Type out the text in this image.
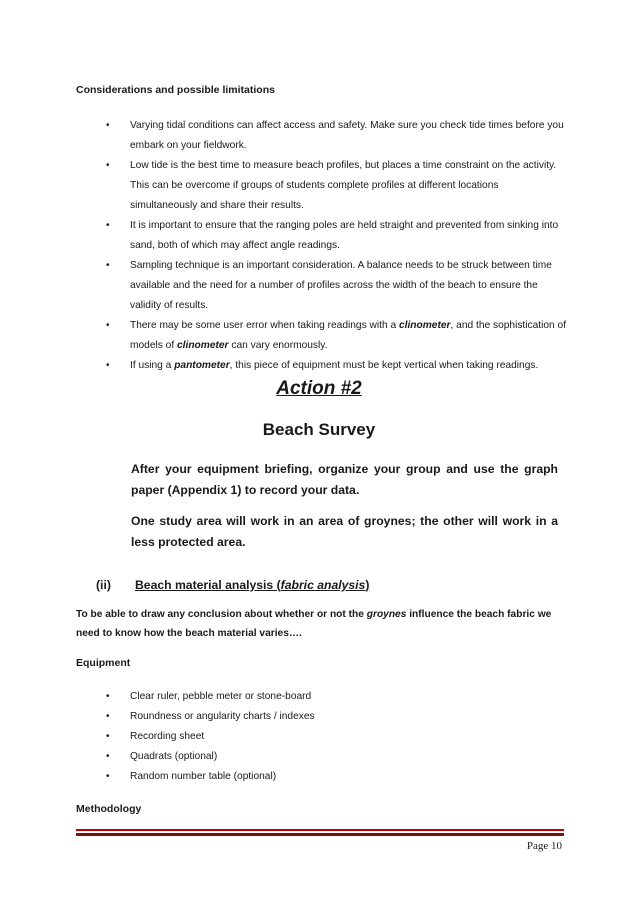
Considerations and possible limitations
• Varying tidal conditions can affect access and safety. Make sure you check tide times before you
embark on your fieldwork.
• Low tide is the best time to measure beach profiles, but places a time constraint on the activity.
This can be overcome if groups of students complete profiles at different locations
simultaneously and share their results.
• It is important to ensure that the ranging poles are held straight and prevented from sinking into
sand, both of which may affect angle readings.
• Sampling technique is an important consideration. A balance needs to be struck between time
available and the need for a number of profiles across the width of the beach to ensure the
validity of results.
• There may be some user error when taking readings with a clinometer, and the sophistication of
models of clinometer can vary enormously.
• If using a pantometer, this piece of equipment must be kept vertical when taking readings.
Action #2
Beach Survey
After your equipment briefing, organize your group and use the graph paper (Appendix 1) to record your data.
One study area will work in an area of groynes; the other will work in a less protected area.
(ii) Beach material analysis (fabric analysis)
To be able to draw any conclusion about whether or not the groynes influence the beach fabric we need to know how the beach material varies….
Equipment
• Clear ruler, pebble meter or stone-board
• Roundness or angularity charts / indexes
• Recording sheet
• Quadrats (optional)
• Random number table (optional)
Methodology
Page 10
